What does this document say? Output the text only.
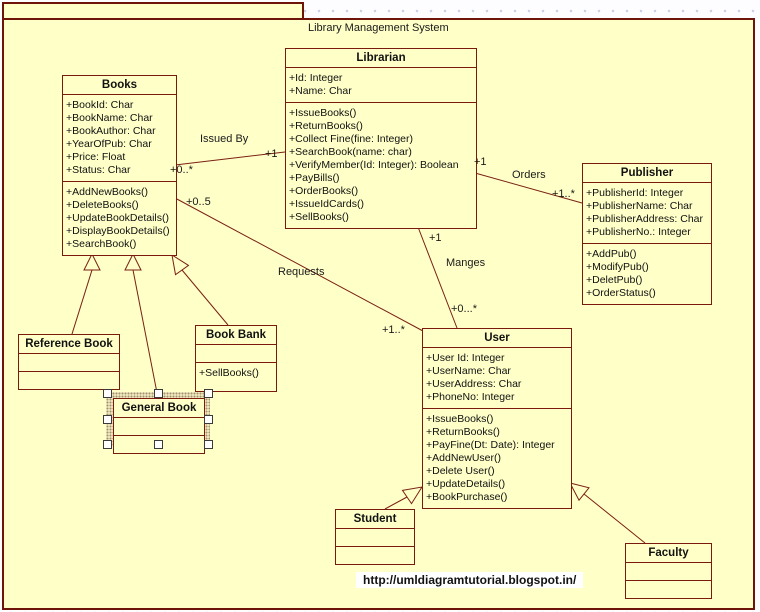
Library Management System
Issued By
+1
+0..*
Requests
+0..5
+1..*
Orders
+1
+1..*
Manges
+1
+0...*
Books
+BookId: Char
+BookName: Char
+BookAuthor: Char
+YearOfPub: Char
+Price: Float
+Status: Char
+AddNewBooks()
+DeleteBooks()
+UpdateBookDetails()
+DisplayBookDetails()
+SearchBook()
Librarian
+Id: Integer
+Name: Char
+IssueBooks()
+ReturnBooks()
+Collect Fine(fine: Integer)
+SearchBook(name: char)
+VerifyMember(Id: Integer): Boolean
+PayBills()
+OrderBooks()
+IssueIdCards()
+SellBooks()
Publisher
+PublisherId: Integer
+PublisherName: Char
+PublisherAddress: Char
+PublisherNo.: Integer
+AddPub()
+ModifyPub()
+DeletPub()
+OrderStatus()
User
+User Id: Integer
+UserName: Char
+UserAddress: Char
+PhoneNo: Integer
+IssueBooks()
+ReturnBooks()
+PayFine(Dt: Date): Integer
+AddNewUser()
+Delete User()
+UpdateDetails()
+BookPurchase()
Reference Book
Book Bank
+SellBooks()
General Book
Student
Faculty
http://umldiagramtutorial.blogspot.in/
